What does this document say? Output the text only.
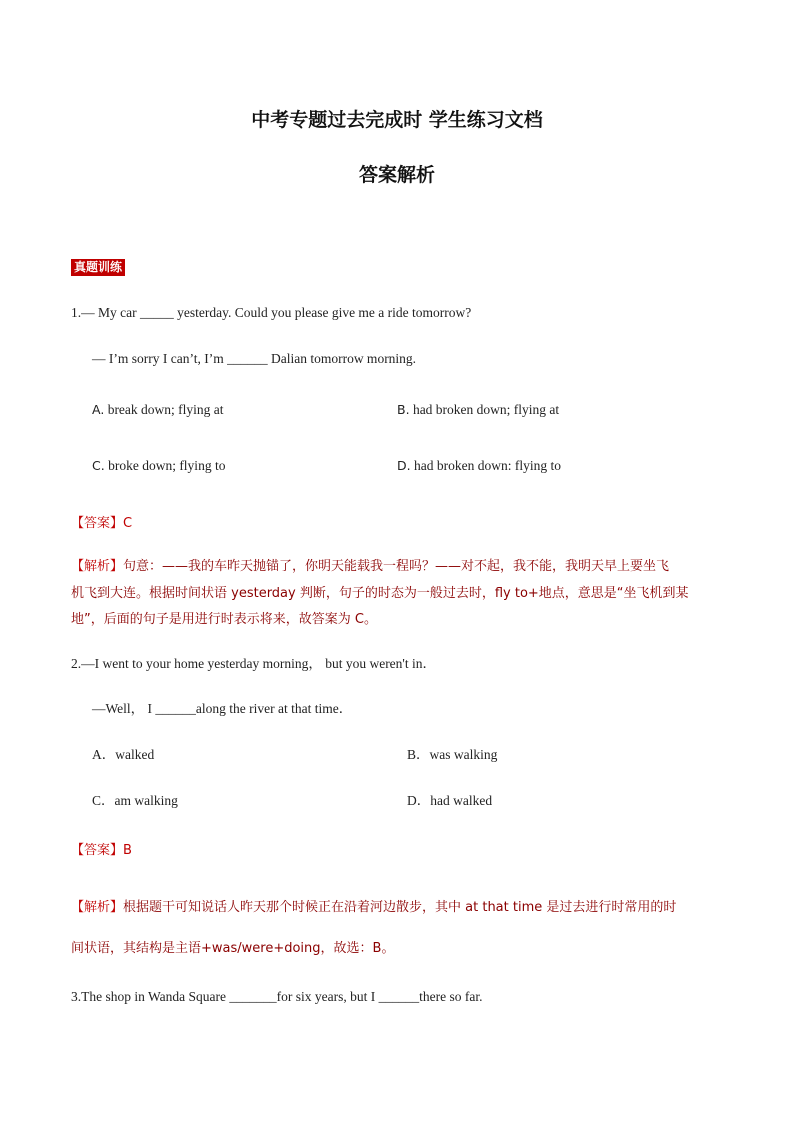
中考专题过去完成时 学生练习文档
答案解析
真题训练
1.— My car _____ yesterday. Could you please give me a ride tomorrow?
— I’m sorry I can’t, I’m ______ Dalian tomorrow morning.
A. break down; flying at	B. had broken down; flying at
C. broke down; flying to	D. had broken down: flying to
【答案】C
【解析】句意：——我的车昨天抛锚了，你明天能载我一程吗？——对不起，我不能，我明天早上要坐飞
机飞到大连。根据时间状语 yesterday 判断，句子的时态为一般过去时，fly to+地点，意思是“坐飞机到某
地”，后面的句子是用进行时表示将来，故答案为 C。
2.—I went to your home yesterday morning， but you weren't in．
—Well， I ______along the river at that time．
A．walked	B．was walking
C．am walking	D．had walked
【答案】B
【解析】根据题干可知说话人昨天那个时候正在沿着河边散步，其中 at that time 是过去进行时常用的时
间状语，其结构是主语+was/were+doing，故选：B。
3.The shop in Wanda Square _______for six years, but I ______there so far.
